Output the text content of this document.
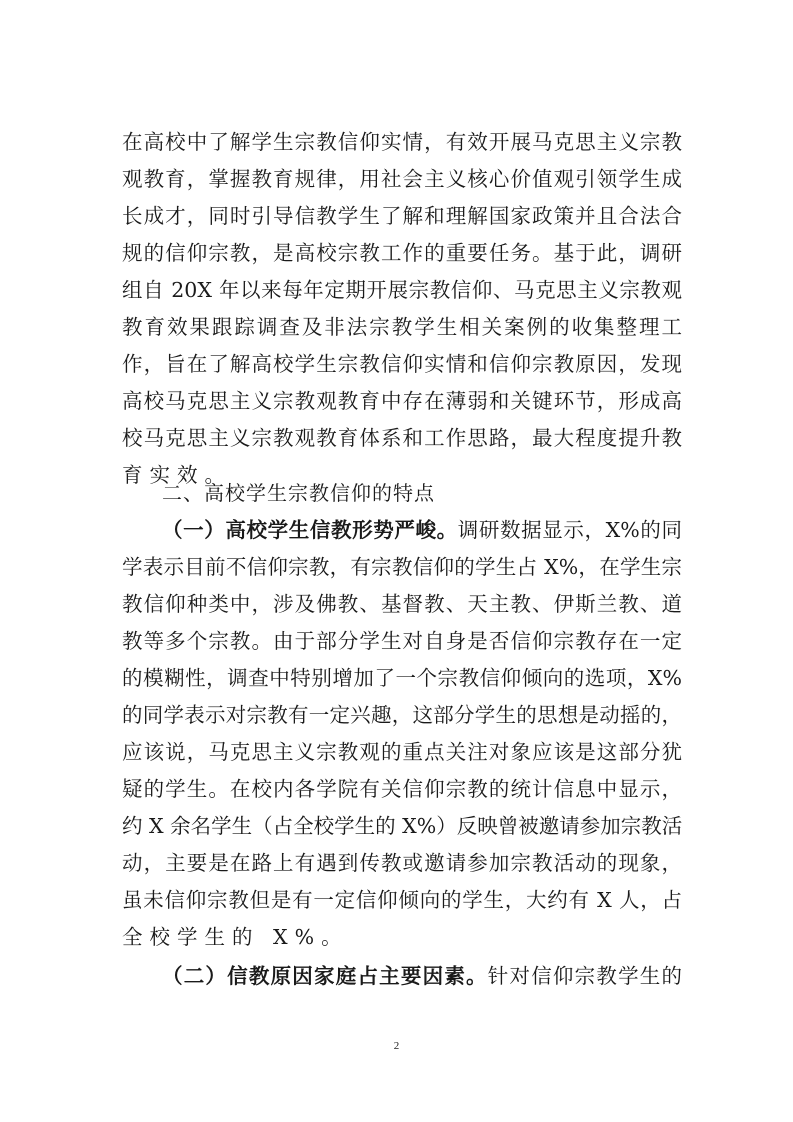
在高校中了解学生宗教信仰实情，有效开展马克思主义宗教
观教育，掌握教育规律，用社会主义核心价值观引领学生成
长成才，同时引导信教学生了解和理解国家政策并且合法合
规的信仰宗教，是高校宗教工作的重要任务。基于此，调研
组自 20X 年以来每年定期开展宗教信仰、马克思主义宗教观
教育效果跟踪调查及非法宗教学生相关案例的收集整理工
作，旨在了解高校学生宗教信仰实情和信仰宗教原因，发现
高校马克思主义宗教观教育中存在薄弱和关键环节，形成高
校马克思主义宗教观教育体系和工作思路，最大程度提升教
育实效。
二、高校学生宗教信仰的特点
（一）高校学生信教形势严峻。调研数据显示，X%的同
学表示目前不信仰宗教，有宗教信仰的学生占 X%，在学生宗
教信仰种类中，涉及佛教、基督教、天主教、伊斯兰教、道
教等多个宗教。由于部分学生对自身是否信仰宗教存在一定
的模糊性，调查中特别增加了一个宗教信仰倾向的选项，X%
的同学表示对宗教有一定兴趣，这部分学生的思想是动摇的，
应该说，马克思主义宗教观的重点关注对象应该是这部分犹
疑的学生。在校内各学院有关信仰宗教的统计信息中显示，
约 X 余名学生（占全校学生的 X%）反映曾被邀请参加宗教活
动，主要是在路上有遇到传教或邀请参加宗教活动的现象，
虽未信仰宗教但是有一定信仰倾向的学生，大约有 X 人，占
全校学生的 X%。
（二）信教原因家庭占主要因素。针对信仰宗教学生的
2
